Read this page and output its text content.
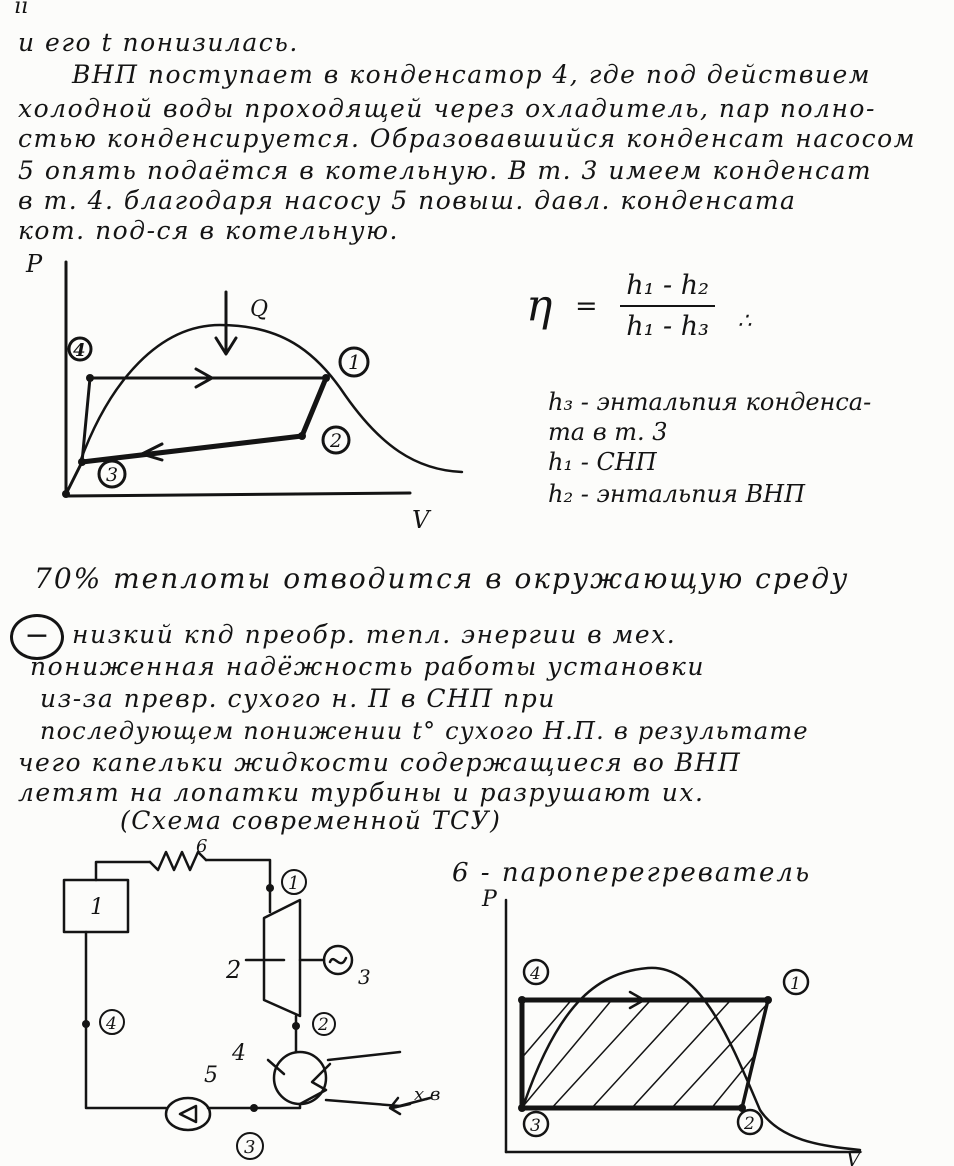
ıı
и его t понизилась.
ВНП поступает в конденсатор 4, где под действием
холодной воды проходящей через охладитель, пар полно-
стью конденсируется. Образовавшийся конденсат насосом
5 опять подаётся в котельную. В т. 3 имеем конденсат
в т. 4. благодаря насосу 5 повыш. давл. конденсата
кот. под-ся в котельную.
P
V
Q
4	1
2
3
$\eta = \frac{\text{h₁ - h₂}}{\text{h₁ - h₃}} _\therefore$
h₃ - энтальпия конденса-
та в т. 3
h₁ - СНП
h₂ - энтальпия ВНП
70% теплоты отводится в окружающую среду
− низкий кпд преобр. тепл. энергии в мех.
пониженная надёжность работы установки
из-за превр. сухого н. П в СНП при
последующем понижении t° сухого Н.П. в результате
чего капельки жидкости содержащиеся во ВНП
летят на лопатки турбины и разрушают их.
(Схема современной ТСУ)
1
2	3
4
5
6
1
2
3
4
х.в
6 - пароперегреватель
P
V
4	1
3	2
